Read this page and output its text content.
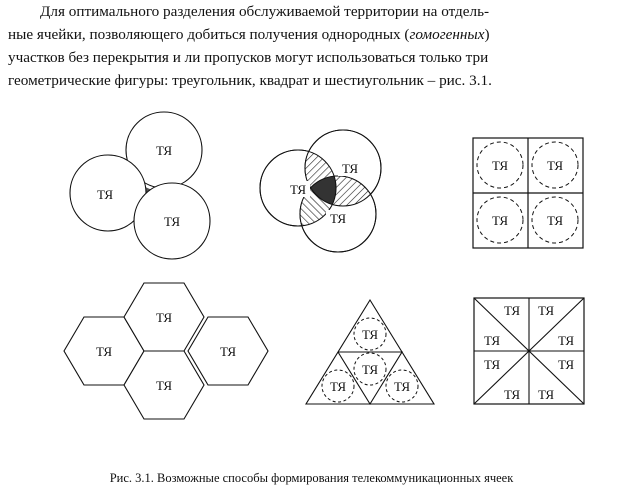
Для оптимального разделения обслуживаемой территории на отдель-
ные ячейки, позволяющего добиться получения однородных (гомогенных)
участков без перекрытия и ли пропусков могут использоваться только три
геометрические фигуры: треугольник, квадрат и шестиугольник – рис. 3.1.

ТЯ
ТЯ
ТЯ
ТЯ
ТЯ
ТЯ
ТЯ	ТЯ
ТЯ	ТЯ
ТЯ
ТЯ
ТЯ
ТЯ
ТЯ
ТЯ
ТЯ
ТЯ
ТЯ ТЯ
ТЯ	ТЯ
ТЯ	ТЯ
ТЯ ТЯ

Рис. 3.1. Возможные способы формирования телекоммуникационных ячеек
